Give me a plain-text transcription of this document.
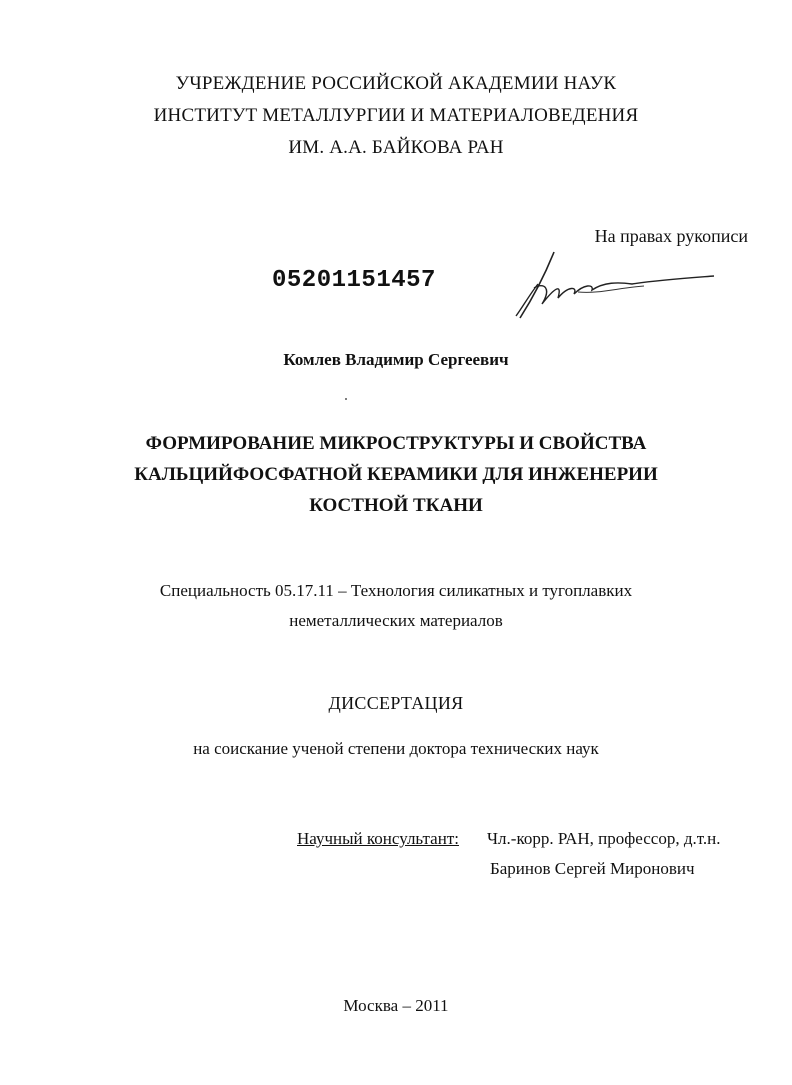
УЧРЕЖДЕНИЕ РОССИЙСКОЙ АКАДЕМИИ НАУК
ИНСТИТУТ МЕТАЛЛУРГИИ И МАТЕРИАЛОВЕДЕНИЯ
ИМ. А.А. БАЙКОВА РАН
На правах рукописи
05201151457
Комлев Владимир Сергеевич
ФОРМИРОВАНИЕ МИКРОСТРУКТУРЫ И СВОЙСТВА
КАЛЬЦИЙФОСФАТНОЙ КЕРАМИКИ ДЛЯ ИНЖЕНЕРИИ
КОСТНОЙ ТКАНИ
Специальность 05.17.11 – Технология силикатных и тугоплавких
неметаллических материалов
ДИССЕРТАЦИЯ
на соискание ученой степени доктора технических наук
Научный консультант: Чл.-корр. РАН, профессор, д.т.н.
Баринов Сергей Миронович
Москва – 2011
